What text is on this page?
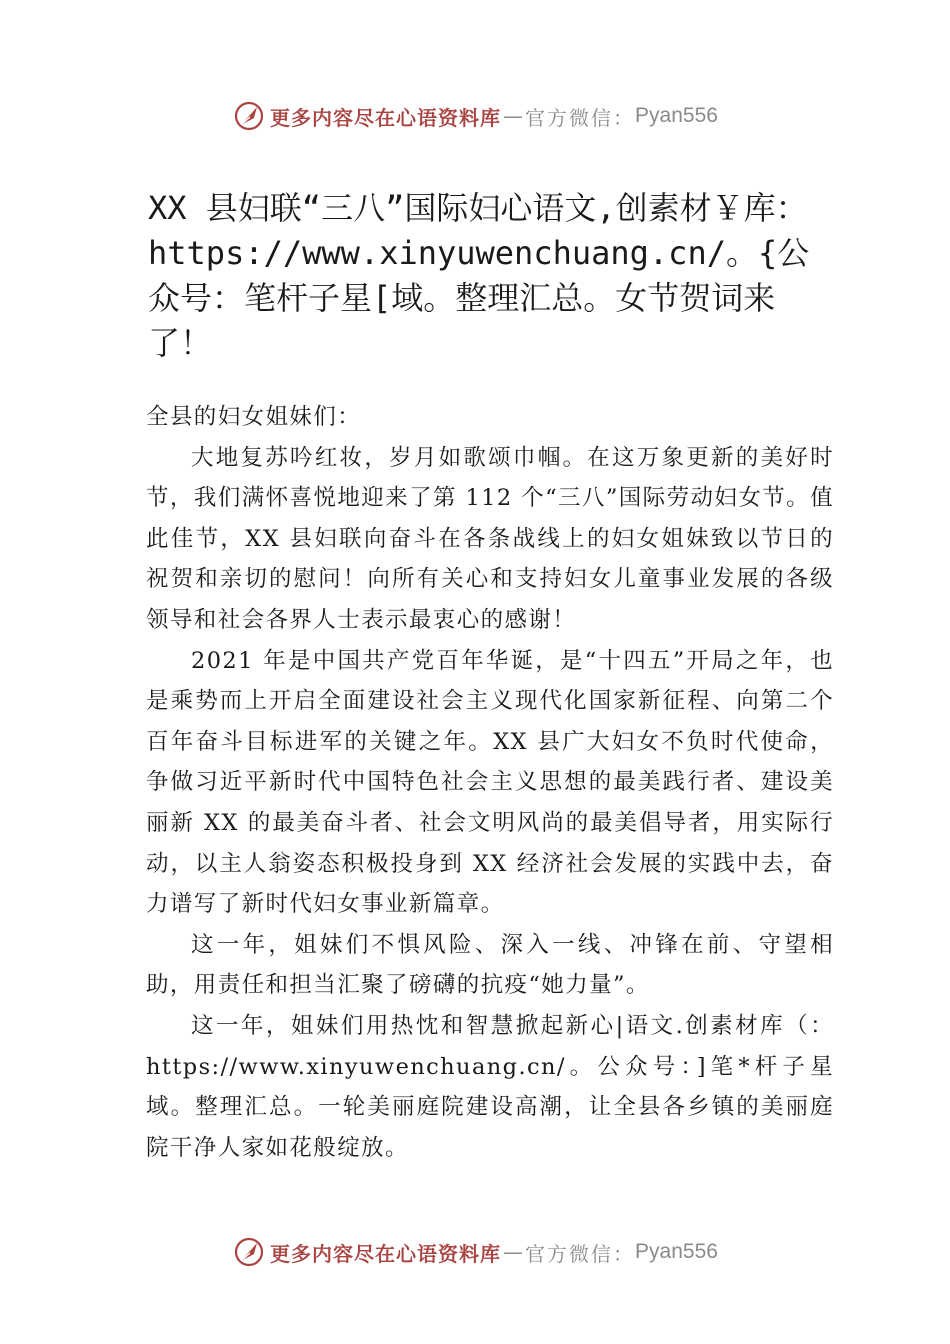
更多内容尽在心语资料库 — 官方微信： Pyan556
XX 县妇联“三八”国际妇心语文,创素材￥库：https://www.xinyuwenchuang.cn/。{公众号：笔杆子星[域。整理汇总。女节贺词来了！

全县的妇女姐妹们：

大地复苏吟红妆，岁月如歌颂巾帼。在这万象更新的美好时节，我们满怀喜悦地迎来了第 112 个“三八”国际劳动妇女节。值此佳节，XX 县妇联向奋斗在各条战线上的妇女姐妹致以节日的祝贺和亲切的慰问！向所有关心和支持妇女儿童事业发展的各级领导和社会各界人士表示最衷心的感谢！

2021 年是中国共产党百年华诞，是“十四五”开局之年，也是乘势而上开启全面建设社会主义现代化国家新征程、向第二个百年奋斗目标进军的关键之年。XX 县广大妇女不负时代使命，争做习近平新时代中国特色社会主义思想的最美践行者、建设美丽新 XX 的最美奋斗者、社会文明风尚的最美倡导者，用实际行动，以主人翁姿态积极投身到 XX 经济社会发展的实践中去，奋力谱写了新时代妇女事业新篇章。

这一年，姐妹们不惧风险、深入一线、冲锋在前、守望相助，用责任和担当汇聚了磅礴的抗疫“她力量”。

这一年，姐妹们用热忱和智慧掀起新心|语文.创素材库（：https://www.xinyuwenchuang.cn/。公众号：]笔*杆子星域。整理汇总。一轮美丽庭院建设高潮，让全县各乡镇的美丽庭院干净人家如花般绽放。

更多内容尽在心语资料库 — 官方微信： Pyan556
